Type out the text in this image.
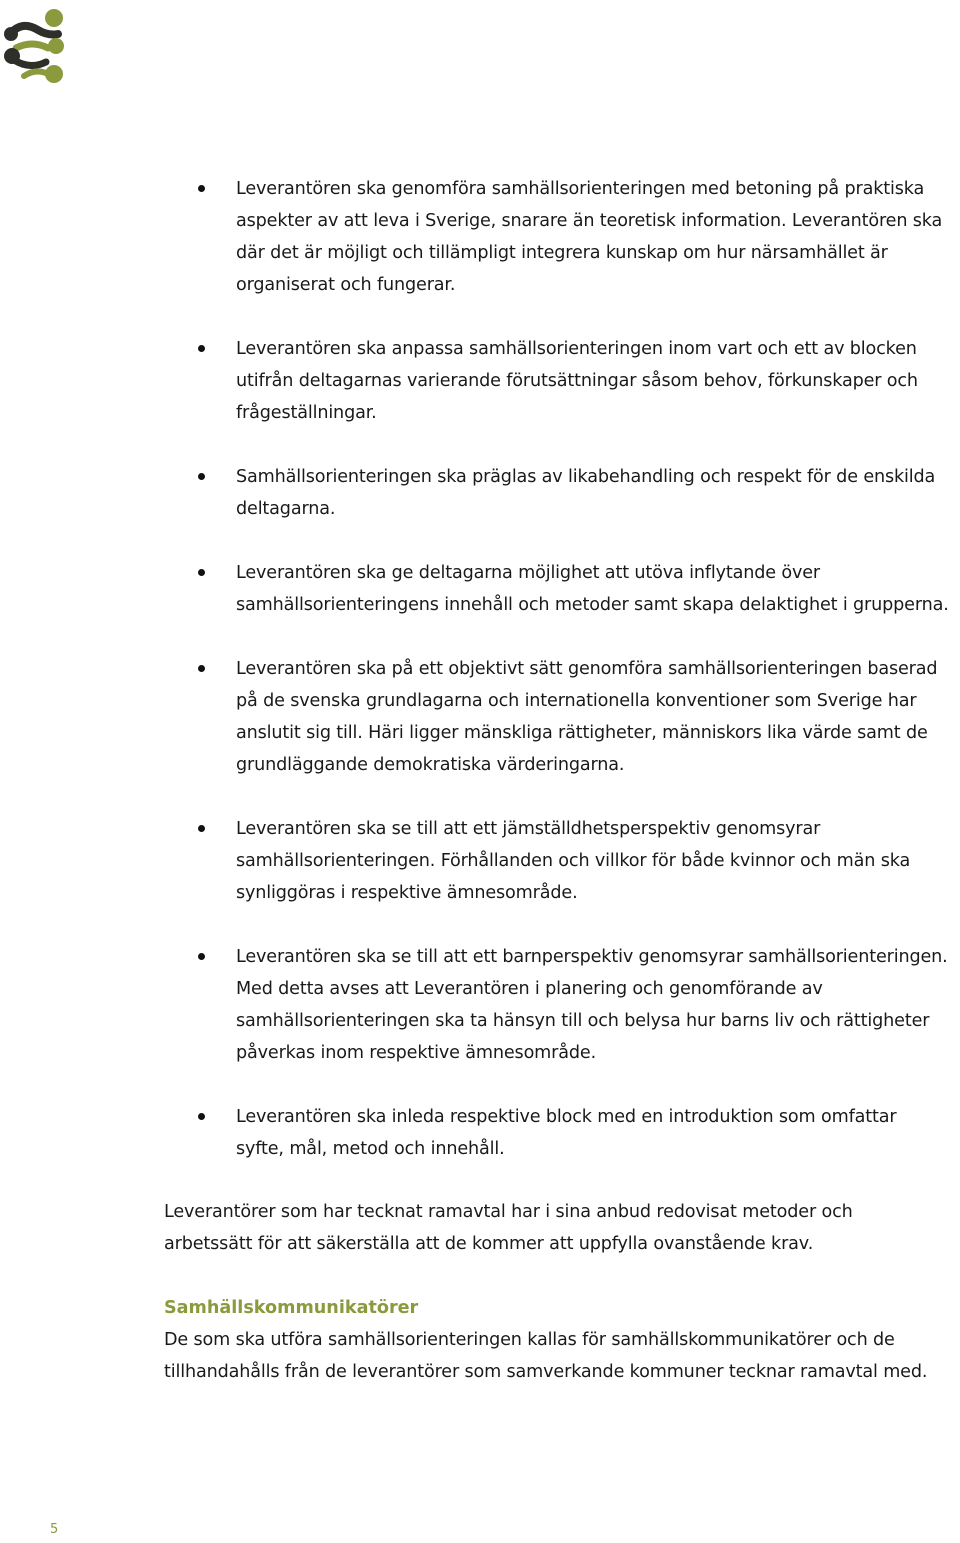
Leverantören ska genomföra samhällsorienteringen med betoning på praktiska
aspekter av att leva i Sverige, snarare än teoretisk information. Leverantören ska
där det är möjligt och tillämpligt integrera kunskap om hur närsamhället är
organiserat och fungerar.
Leverantören ska anpassa samhällsorienteringen inom vart och ett av blocken
utifrån deltagarnas varierande förutsättningar såsom behov, förkunskaper och
frågeställningar.
Samhällsorienteringen ska präglas av likabehandling och respekt för de enskilda
deltagarna.
Leverantören ska ge deltagarna möjlighet att utöva inflytande över
samhällsorienteringens innehåll och metoder samt skapa delaktighet i grupperna.
Leverantören ska på ett objektivt sätt genomföra samhällsorienteringen baserad
på de svenska grundlagarna och internationella konventioner som Sverige har
anslutit sig till. Häri ligger mänskliga rättigheter, människors lika värde samt de
grundläggande demokratiska värderingarna.
Leverantören ska se till att ett jämställdhetsperspektiv genomsyrar
samhällsorienteringen. Förhållanden och villkor för både kvinnor och män ska
synliggöras i respektive ämnesområde.
Leverantören ska se till att ett barnperspektiv genomsyrar samhällsorienteringen.
Med detta avses att Leverantören i planering och genomförande av
samhällsorienteringen ska ta hänsyn till och belysa hur barns liv och rättigheter
påverkas inom respektive ämnesområde.
Leverantören ska inleda respektive block med en introduktion som omfattar
syfte, mål, metod och innehåll.

Leverantörer som har tecknat ramavtal har i sina anbud redovisat metoder och
arbetssätt för att säkerställa att de kommer att uppfylla ovanstående krav.

Samhällskommunikatörer

De som ska utföra samhällsorienteringen kallas för samhällskommunikatörer och de
tillhandahålls från de leverantörer som samverkande kommuner tecknar ramavtal med.

5
